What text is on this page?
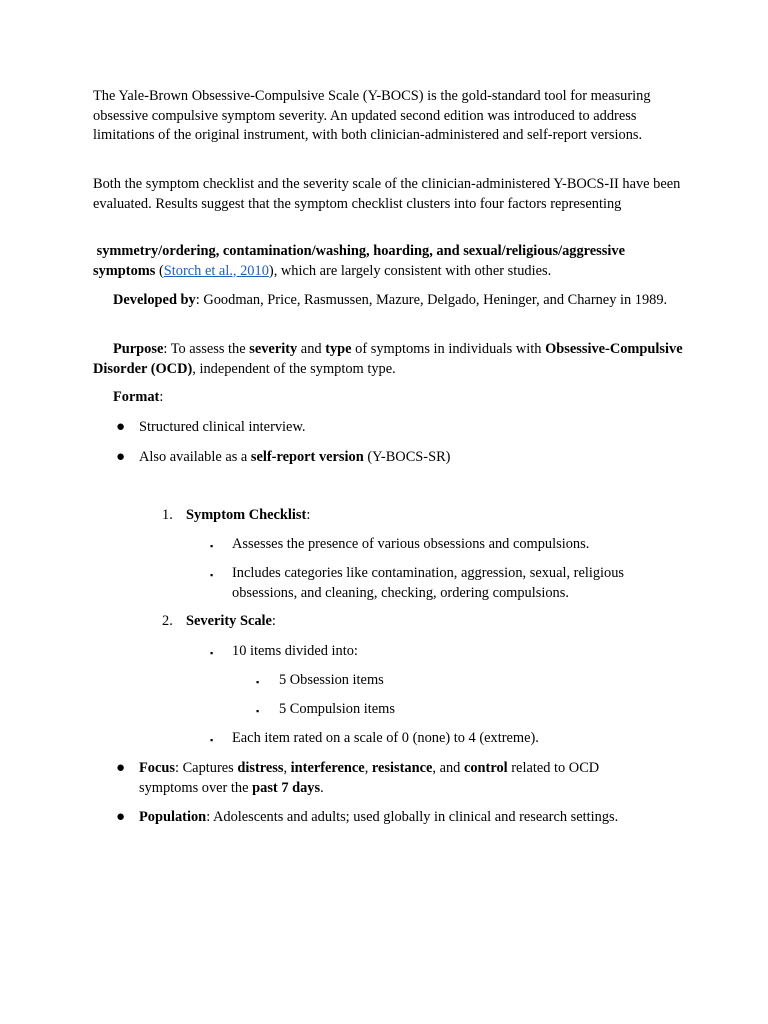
The Yale-Brown Obsessive-Compulsive Scale (Y-BOCS) is the gold-standard tool for measuring obsessive compulsive symptom severity. An updated second edition was introduced to address limitations of the original instrument, with both clinician-administered and self-report versions.

Both the symptom checklist and the severity scale of the clinician-administered Y-BOCS-II have been evaluated. Results suggest that the symptom checklist clusters into four factors representing

symmetry/ordering, contamination/washing, hoarding, and sexual/religious/aggressive symptoms (Storch et al., 2010), which are largely consistent with other studies.

Developed by: Goodman, Price, Rasmussen, Mazure, Delgado, Heninger, and Charney in 1989.

Purpose: To assess the severity and type of symptoms in individuals with Obsessive-Compulsive Disorder (OCD), independent of the symptom type.

Format:

● Structured clinical interview.

● Also available as a self-report version (Y-BOCS-SR)

1. Symptom Checklist:

▪ Assesses the presence of various obsessions and compulsions.

▪ Includes categories like contamination, aggression, sexual, religious obsessions, and cleaning, checking, ordering compulsions.

2. Severity Scale:

▪ 10 items divided into:

▪ 5 Obsession items

▪ 5 Compulsion items

▪ Each item rated on a scale of 0 (none) to 4 (extreme).

● Focus: Captures distress, interference, resistance, and control related to OCD symptoms over the past 7 days.

● Population: Adolescents and adults; used globally in clinical and research settings.
